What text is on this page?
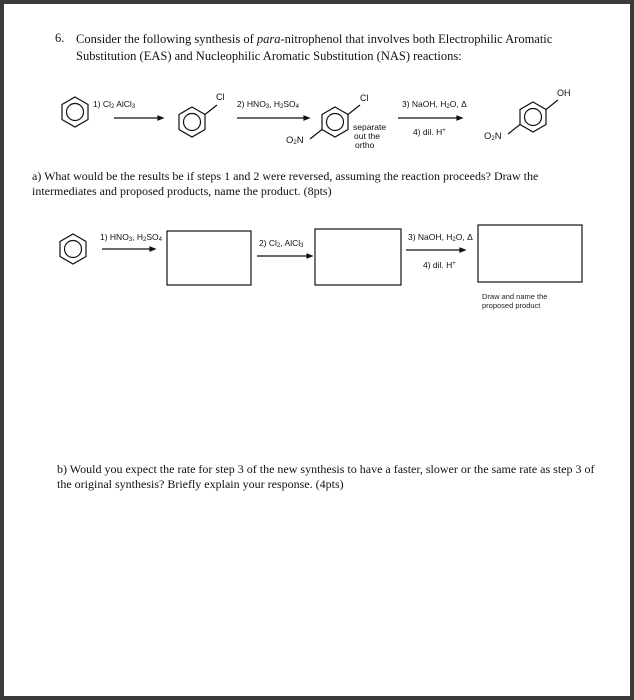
6. Consider the following synthesis of para-nitrophenol that involves both Electrophilic Aromatic Substitution (EAS) and Nucleophilic Aromatic Substitution (NAS) reactions:
1) $Cl_2$ AlCl$_3$
Cl
2) $HNO_3$, $H_2SO_4$
Cl
separate
out the
ortho
$O_2N$
3) NaOH, $H_2O$, Δ
4) dil. H+
OH
$O_2N$
a) What would be the results be if steps 1 and 2 were reversed, assuming the reaction proceeds? Draw the intermediates and proposed products, name the product. (8pts)
1) $HNO_3$, $H_2SO_4$	2) $Cl_2$, AlCl$_3$
3) NaOH, $H_2O$, Δ
4) dil. H+
Draw and name the
proposed product
b) Would you expect the rate for step 3 of the new synthesis to have a faster, slower or the same rate as step 3 of the original synthesis? Briefly explain your response. (4pts)
